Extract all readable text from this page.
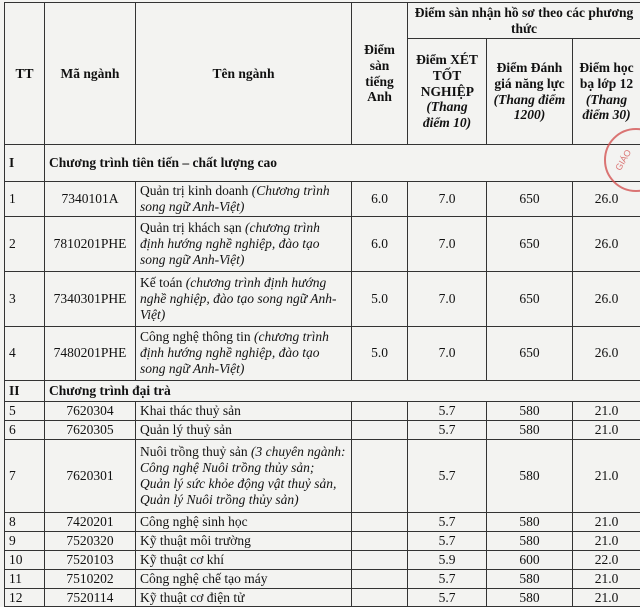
TT	Mã ngành	Tên ngành	Điểm sàn tiếng Anh	Điểm sàn nhận hồ sơ theo các phương thức		
				Điểm XÉT TỐT NGHIỆP (Thang điểm 10)	Điểm Đánh giá năng lực (Thang điểm 1200)	Điểm học bạ lớp 12 (Thang điểm 30)
I	Chương trình tiên tiến – chất lượng cao					
1	7340101A	Quản trị kinh doanh (Chương trình song ngữ Anh-Việt)	6.0	7.0	650	26.0
2	7810201PHE	Quản trị khách sạn (chương trình định hướng nghề nghiệp, đào tạo song ngữ Anh-Việt)	6.0	7.0	650	26.0
3	7340301PHE	Kế toán (chương trình định hướng nghề nghiệp, đào tạo song ngữ Anh-Việt)	5.0	7.0	650	26.0
4	7480201PHE	Công nghệ thông tin (chương trình định hướng nghề nghiệp, đào tạo song ngữ Anh-Việt)	5.0	7.0	650	26.0
II	Chương trình đại trà					
5	7620304	Khai thác thuỷ sản		5.7	580	21.0
6	7620305	Quản lý thuỷ sản		5.7	580	21.0
7	7620301	Nuôi trồng thuỷ sản (3 chuyên ngành: Công nghệ Nuôi trồng thủy sản; Quản lý sức khỏe động vật thuỷ sản, Quản lý Nuôi trồng thủy sản)		5.7	580	21.0
8	7420201	Công nghệ sinh học		5.7	580	21.0
9	7520320	Kỹ thuật môi trường		5.7	580	21.0
10	7520103	Kỹ thuật cơ khí		5.9	600	22.0
11	7510202	Công nghệ chế tạo máy		5.7	580	21.0
12	7520114	Kỹ thuật cơ điện tử		5.7	580	21.0
GIÁO
